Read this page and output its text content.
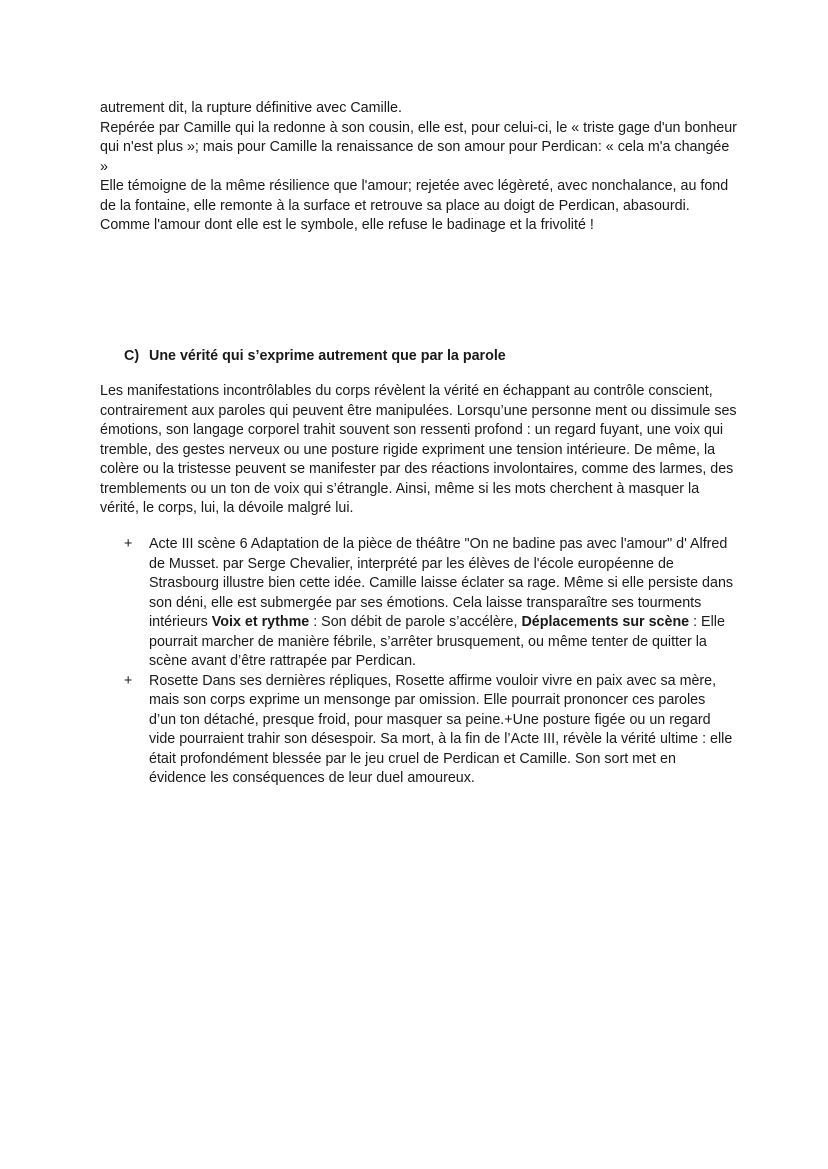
autrement dit, la rupture définitive avec Camille.

Repérée par Camille qui la redonne à son cousin, elle est, pour celui-ci, le « triste gage d'un bonheur qui n'est plus »; mais pour Camille la renaissance de son amour pour Perdican: « cela m'a changée »

Elle témoigne de la même résilience que l'amour; rejetée avec légèreté, avec nonchalance, au fond de la fontaine, elle remonte à la surface et retrouve sa place au doigt de Perdican, abasourdi.

Comme l'amour dont elle est le symbole, elle refuse le badinage et la frivolité !

C) Une vérité qui s’exprime autrement que par la parole

Les manifestations incontrôlables du corps révèlent la vérité en échappant au contrôle conscient, contrairement aux paroles qui peuvent être manipulées. Lorsqu’une personne ment ou dissimule ses émotions, son langage corporel trahit souvent son ressenti profond : un regard fuyant, une voix qui tremble, des gestes nerveux ou une posture rigide expriment une tension intérieure. De même, la colère ou la tristesse peuvent se manifester par des réactions involontaires, comme des larmes, des tremblements ou un ton de voix qui s’étrangle. Ainsi, même si les mots cherchent à masquer la vérité, le corps, lui, la dévoile malgré lui.

+	Acte III scène 6 Adaptation de la pièce de théâtre "On ne badine pas avec l'amour" d' Alfred de Musset. par Serge Chevalier, interprété par les élèves de l'école européenne de Strasbourg illustre bien cette idée. Camille laisse éclater sa rage. Même si elle persiste dans son déni, elle est submergée par ses émotions. Cela laisse transparaître ses tourments intérieurs Voix et rythme : Son débit de parole s’accélère, Déplacements sur scène : Elle pourrait marcher de manière fébrile, s’arrêter brusquement, ou même tenter de quitter la scène avant d’être rattrapée par Perdican.
+	Rosette Dans ses dernières répliques, Rosette affirme vouloir vivre en paix avec sa mère, mais son corps exprime un mensonge par omission. Elle pourrait prononcer ces paroles d’un ton détaché, presque froid, pour masquer sa peine.+Une posture figée ou un regard vide pourraient trahir son désespoir. Sa mort, à la fin de l’Acte III, révèle la vérité ultime : elle était profondément blessée par le jeu cruel de Perdican et Camille. Son sort met en évidence les conséquences de leur duel amoureux.
